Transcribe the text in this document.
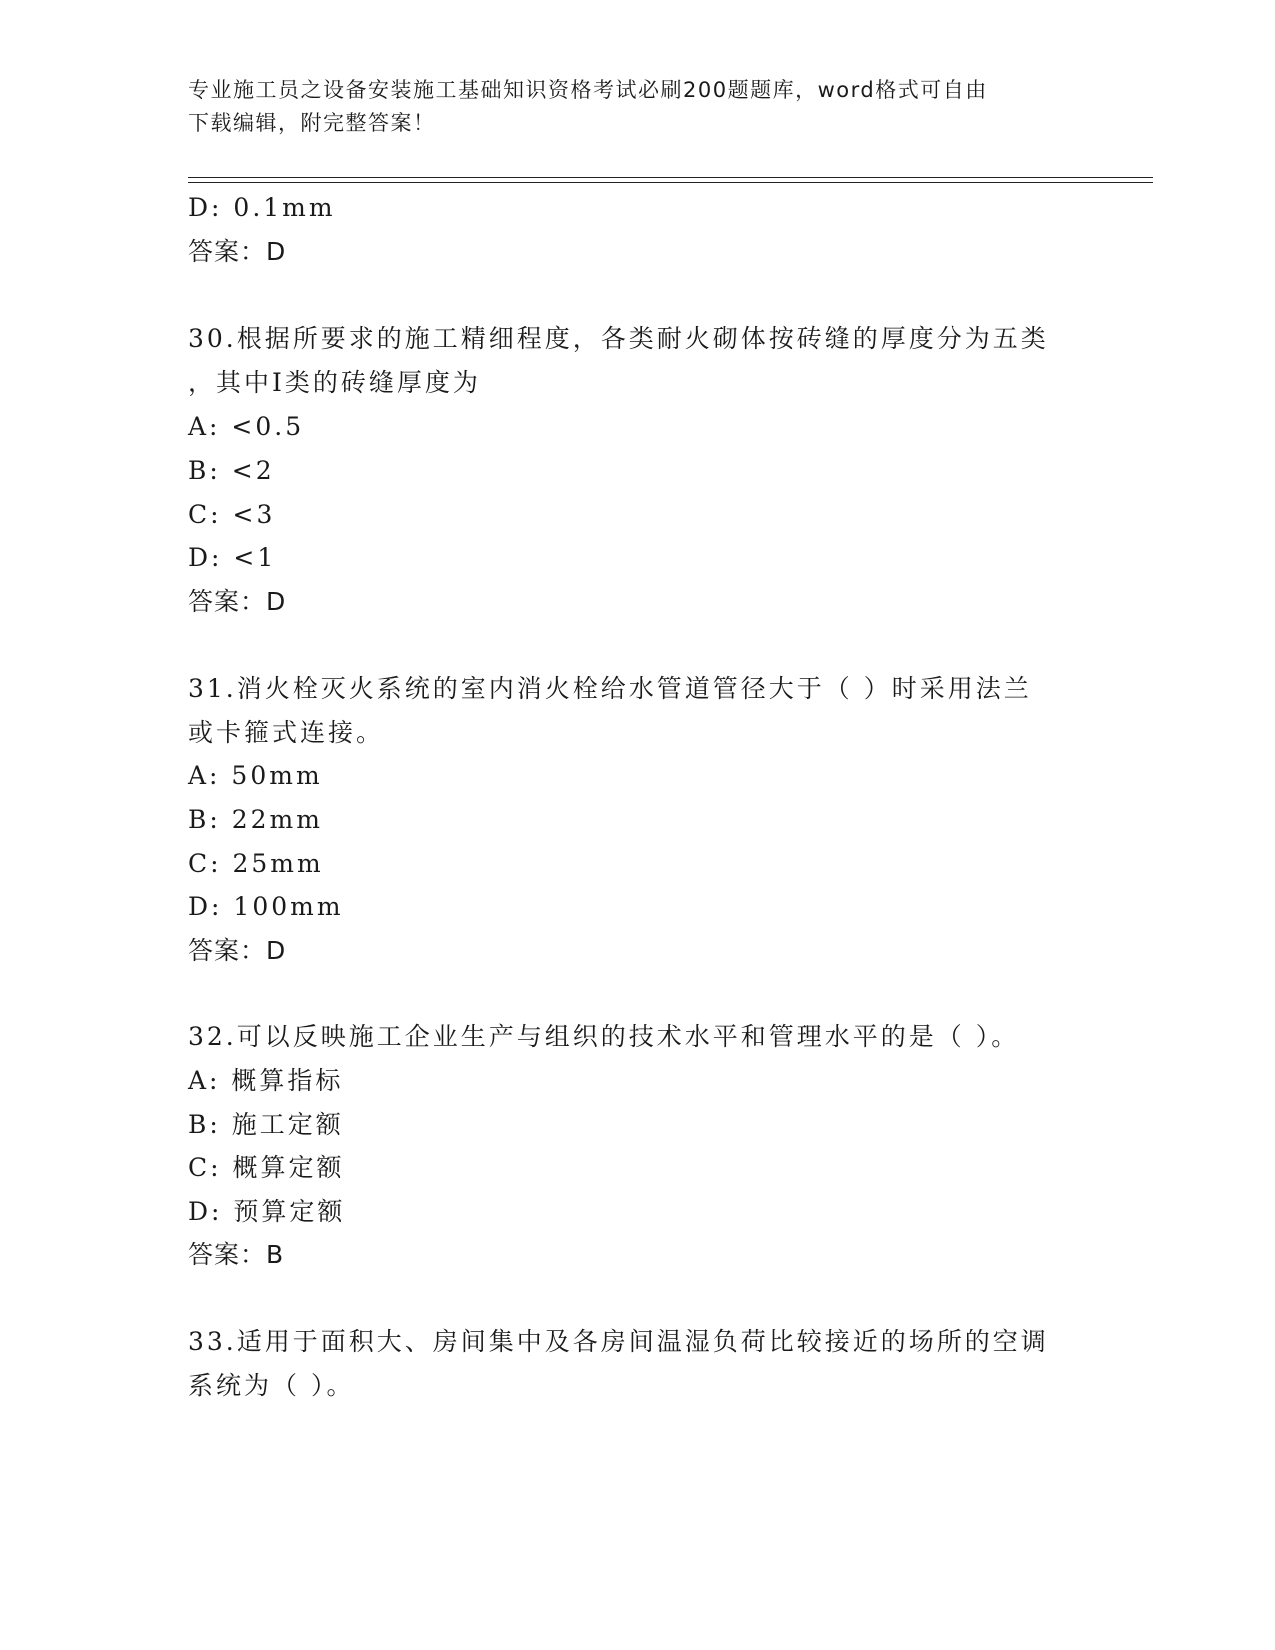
专业施工员之设备安装施工基础知识资格考试必刷200题题库，word格式可自由
下载编辑，附完整答案！
D: 0.1mm
答案：D
30.根据所要求的施工精细程度，各类耐火砌体按砖缝的厚度分为五类
，其中Ⅰ类的砖缝厚度为
A: <0.5
B: <2
C: <3
D: <1
答案：D
31.消火栓灭火系统的室内消火栓给水管道管径大于（ ）时采用法兰
或卡箍式连接。
A: 50mm
B: 22mm
C: 25mm
D: 100mm
答案：D
32.可以反映施工企业生产与组织的技术水平和管理水平的是（ ）。
A: 概算指标
B: 施工定额
C: 概算定额
D: 预算定额
答案：B
33.适用于面积大、房间集中及各房间温湿负荷比较接近的场所的空调
系统为（ ）。
